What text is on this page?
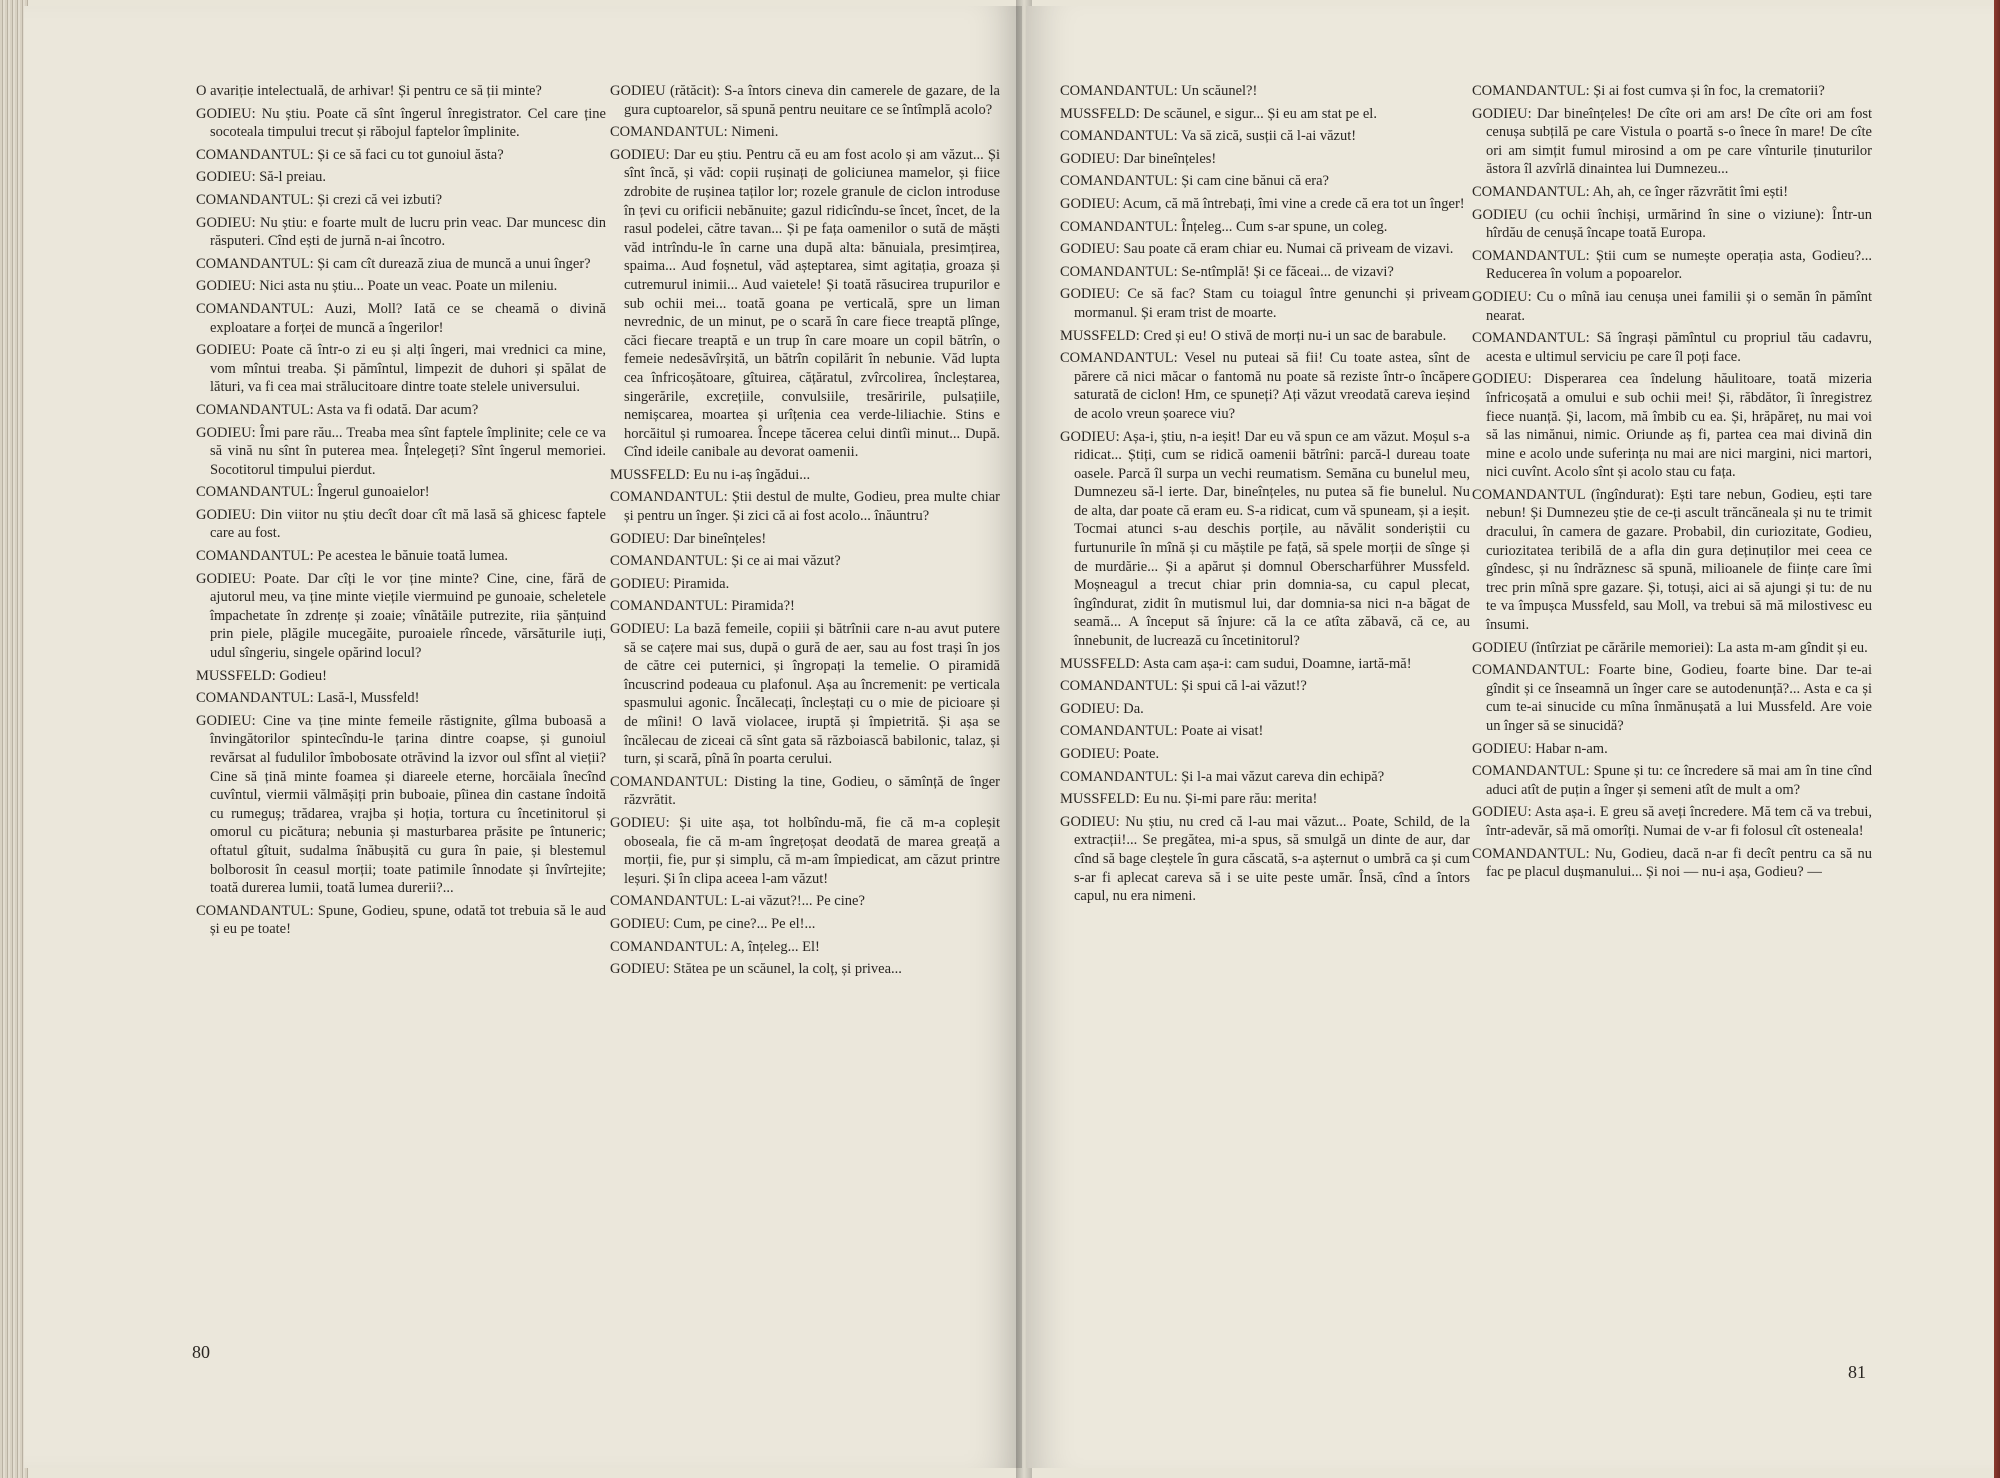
O avariție intelectuală, de arhivar! Și pentru ce să ții minte?

GODIEU: Nu știu. Poate că sînt îngerul înregistrator. Cel care ține socoteala timpului trecut și răbojul faptelor împlinite.

COMANDANTUL: Și ce să faci cu tot gunoiul ăsta?

GODIEU: Să-l preiau.

COMANDANTUL: Și crezi că vei izbuti?

GODIEU: Nu știu: e foarte mult de lucru prin veac. Dar muncesc din răsputeri. Cînd ești de jurnă n-ai încotro.

COMANDANTUL: Și cam cît durează ziua de muncă a unui înger?

GODIEU: Nici asta nu știu... Poate un veac. Poate un mileniu.

COMANDANTUL: Auzi, Moll? Iată ce se cheamă o divină exploatare a forței de muncă a îngerilor!

GODIEU: Poate că într-o zi eu și alți îngeri, mai vrednici ca mine, vom mîntui treaba. Și pămîntul, limpezit de duhori și spălat de lături, va fi cea mai strălucitoare dintre toate stelele universului.

COMANDANTUL: Asta va fi odată. Dar acum?

GODIEU: Îmi pare rău... Treaba mea sînt faptele împlinite; cele ce va să vină nu sînt în puterea mea. Înțelegeți? Sînt îngerul memoriei. Socotitorul timpului pierdut.

COMANDANTUL: Îngerul gunoaielor!

GODIEU: Din viitor nu știu decît doar cît mă lasă să ghicesc faptele care au fost.

COMANDANTUL: Pe acestea le bănuie toată lumea.

GODIEU: Poate. Dar cîți le vor ține minte? Cine, cine, fără de ajutorul meu, va ține minte viețile viermuind pe gunoaie, scheletele împachetate în zdrențe și zoaie; vînătăile putrezite, riia șănțuind prin piele, plăgile mucegăite, puroaiele rîncede, vărsăturile iuți, udul sîngeriu, singele opărind locul?

MUSSFELD: Godieu!

COMANDANTUL: Lasă-l, Mussfeld!

GODIEU: Cine va ține minte femeile răstignite, gîlma buboasă a învingătorilor spintecîndu-le țarina dintre coapse, și gunoiul revărsat al fudulilor îmbobosate otrăvind la izvor oul sfînt al vieții? Cine să țină minte foamea și diareele eterne, horcăiala înecînd cuvîntul, viermii vălmășiți prin buboaie, pîinea din castane îndoită cu rumeguș; trădarea, vrajba și hoția, tortura cu încetinitorul și omorul cu picătura; nebunia și masturbarea prăsite pe întuneric; oftatul gîtuit, sudalma înăbușită cu gura în paie, și blestemul bolborosit în ceasul morții; toate patimile înnodate și învîrtejite; toată durerea lumii, toată lumea durerii?...

COMANDANTUL: Spune, Godieu, spune, odată tot trebuia să le aud și eu pe toate!

GODIEU (rătăcit): S-a întors cineva din camerele de gazare, de la gura cuptoarelor, să spună pentru neuitare ce se întîmplă acolo?

COMANDANTUL: Nimeni.

GODIEU: Dar eu știu. Pentru că eu am fost acolo și am văzut... Și sînt încă, și văd: copii rușinați de goliciunea mamelor, și fiice zdrobite de rușinea taților lor; rozele granule de ciclon introduse în țevi cu orificii nebănuite; gazul ridicîndu-se încet, încet, de la rasul podelei, către tavan... Și pe fața oamenilor o sută de măști văd intrîndu-le în carne una după alta: bănuiala, presimțirea, spaima... Aud foșnetul, văd așteptarea, simt agitația, groaza și cutremurul inimii... Aud vaietele! Și toată răsucirea trupurilor e sub ochii mei... toată goana pe verticală, spre un liman nevrednic, de un minut, pe o scară în care fiece treaptă plînge, căci fiecare treaptă e un trup în care moare un copil bătrîn, o femeie nedesăvîrșită, un bătrîn copilărit în nebunie. Văd lupta cea înfricoșătoare, gîtuirea, cățăratul, zvîrcolirea, încleștarea, singerările, excrețiile, convulsiile, tresăririle, pulsațiile, nemișcarea, moartea și urîțenia cea verde-liliachie. Stins e horcăitul și rumoarea. Începe tăcerea celui dintîi minut... După. Cînd ideile canibale au devorat oamenii.

MUSSFELD: Eu nu i-aș îngădui...

COMANDANTUL: Știi destul de multe, Godieu, prea multe chiar și pentru un înger. Și zici că ai fost acolo... înăuntru?

GODIEU: Dar bineînțeles!

COMANDANTUL: Și ce ai mai văzut?

GODIEU: Piramida.

COMANDANTUL: Piramida?!

GODIEU: La bază femeile, copiii și bătrînii care n-au avut putere să se cațere mai sus, după o gură de aer, sau au fost trași în jos de către cei puternici, și îngropați la temelie. O piramidă încuscrind podeaua cu plafonul. Așa au încremenit: pe verticala spasmului agonic. Încălecați, încleștați cu o mie de picioare și de mîini! O lavă violacee, iruptă și împietrită. Și așa se încălecau de ziceai că sînt gata să războiască babilonic, talaz, și turn, și scară, pînă în poarta cerului.

COMANDANTUL: Disting la tine, Godieu, o sămînță de înger răzvrătit.

GODIEU: Și uite așa, tot holbîndu-mă, fie că m-a copleșit oboseala, fie că m-am îngrețoșat deodată de marea greață a morții, fie, pur și simplu, că m-am împiedicat, am căzut printre leșuri. Și în clipa aceea l-am văzut!

COMANDANTUL: L-ai văzut?!... Pe cine?

GODIEU: Cum, pe cine?... Pe el!...

COMANDANTUL: A, înțeleg... El!

GODIEU: Stătea pe un scăunel, la colț, și privea...

80

COMANDANTUL: Un scăunel?!

MUSSFELD: De scăunel, e sigur... Și eu am stat pe el.

COMANDANTUL: Va să zică, susții că l-ai văzut!

GODIEU: Dar bineînțeles!

COMANDANTUL: Și cam cine bănui că era?

GODIEU: Acum, că mă întrebați, îmi vine a crede că era tot un înger!

COMANDANTUL: Înțeleg... Cum s-ar spune, un coleg.

GODIEU: Sau poate că eram chiar eu. Numai că priveam de vizavi.

COMANDANTUL: Se-ntîmplă! Și ce făceai... de vizavi?

GODIEU: Ce să fac? Stam cu toiagul între genunchi și priveam mormanul. Și eram trist de moarte.

MUSSFELD: Cred și eu! O stivă de morți nu-i un sac de barabule.

COMANDANTUL: Vesel nu puteai să fii! Cu toate astea, sînt de părere că nici măcar o fantomă nu poate să reziste într-o încăpere saturată de ciclon! Hm, ce spuneți? Ați văzut vreodată careva ieșind de acolo vreun șoarece viu?

GODIEU: Așa-i, știu, n-a ieșit! Dar eu vă spun ce am văzut. Moșul s-a ridicat... Știți, cum se ridică oamenii bătrîni: parcă-l dureau toate oasele. Parcă îl surpa un vechi reumatism. Semăna cu bunelul meu, Dumnezeu să-l ierte. Dar, bineînțeles, nu putea să fie bunelul. Nu de alta, dar poate că eram eu. S-a ridicat, cum vă spuneam, și a ieșit. Tocmai atunci s-au deschis porțile, au năvălit sonderiștii cu furtunurile în mînă și cu măștile pe față, să spele morții de sînge și de murdărie... Și a apărut și domnul Oberscharführer Mussfeld. Moșneagul a trecut chiar prin domnia-sa, cu capul plecat, îngîndurat, zidit în mutismul lui, dar domnia-sa nici n-a băgat de seamă... A început să înjure: că la ce atîta zăbavă, că ce, au înnebunit, de lucrează cu încetinitorul?

MUSSFELD: Asta cam așa-i: cam sudui, Doamne, iartă-mă!

COMANDANTUL: Și spui că l-ai văzut!?

GODIEU: Da.

COMANDANTUL: Poate ai visat!

GODIEU: Poate.

COMANDANTUL: Și l-a mai văzut careva din echipă?

MUSSFELD: Eu nu. Și-mi pare rău: merita!

GODIEU: Nu știu, nu cred că l-au mai văzut... Poate, Schild, de la extracții!... Se pregătea, mi-a spus, să smulgă un dinte de aur, dar cînd să bage cleștele în gura căscată, s-a așternut o umbră ca și cum s-ar fi aplecat careva să i se uite peste umăr. Însă, cînd a întors capul, nu era nimeni.

COMANDANTUL: Și ai fost cumva și în foc, la crematorii?

GODIEU: Dar bineînțeles! De cîte ori am ars! De cîte ori am fost cenușa subțilă pe care Vistula o poartă s-o înece în mare! De cîte ori am simțit fumul mirosind a om pe care vînturile ținuturilor ăstora îl azvîrlă dinaintea lui Dumnezeu...

COMANDANTUL: Ah, ah, ce înger răzvrătit îmi ești!

GODIEU (cu ochii închiși, urmărind în sine o viziune): Într-un hîrdău de cenușă încape toată Europa.

COMANDANTUL: Știi cum se numește operația asta, Godieu?... Reducerea în volum a popoarelor.

GODIEU: Cu o mînă iau cenușa unei familii și o semăn în pămînt nearat.

COMANDANTUL: Să îngrași pămîntul cu propriul tău cadavru, acesta e ultimul serviciu pe care îl poți face.

GODIEU: Disperarea cea îndelung hăulitoare, toată mizeria înfricoșată a omului e sub ochii mei! Și, răbdător, îi înregistrez fiece nuanță. Și, lacom, mă îmbib cu ea. Și, hrăpăreț, nu mai voi să las nimănui, nimic. Oriunde aș fi, partea cea mai divină din mine e acolo unde suferința nu mai are nici margini, nici martori, nici cuvînt. Acolo sînt și acolo stau cu fața.

COMANDANTUL (îngîndurat): Ești tare nebun, Godieu, ești tare nebun! Și Dumnezeu știe de ce-ți ascult trăncăneala și nu te trimit dracului, în camera de gazare. Probabil, din curiozitate, Godieu, curiozitatea teribilă de a afla din gura deținuților mei ceea ce gîndesc, și nu îndrăznesc să spună, milioanele de ființe care îmi trec prin mînă spre gazare. Și, totuși, aici ai să ajungi și tu: de nu te va împușca Mussfeld, sau Moll, va trebui să mă milostivesc eu însumi.

GODIEU (întîrziat pe cărările memoriei): La asta m-am gîndit și eu.

COMANDANTUL: Foarte bine, Godieu, foarte bine. Dar te-ai gîndit și ce înseamnă un înger care se autodenunță?... Asta e ca și cum te-ai sinucide cu mîna înmănușată a lui Mussfeld. Are voie un înger să se sinucidă?

GODIEU: Habar n-am.

COMANDANTUL: Spune și tu: ce încredere să mai am în tine cînd aduci atît de puțin a înger și semeni atît de mult a om?

GODIEU: Asta așa-i. E greu să aveți încredere. Mă tem că va trebui, într-adevăr, să mă omorîți. Numai de v-ar fi folosul cît osteneala!

COMANDANTUL: Nu, Godieu, dacă n-ar fi decît pentru ca să nu fac pe placul dușmanului... Și noi — nu-i așa, Godieu? —

81
